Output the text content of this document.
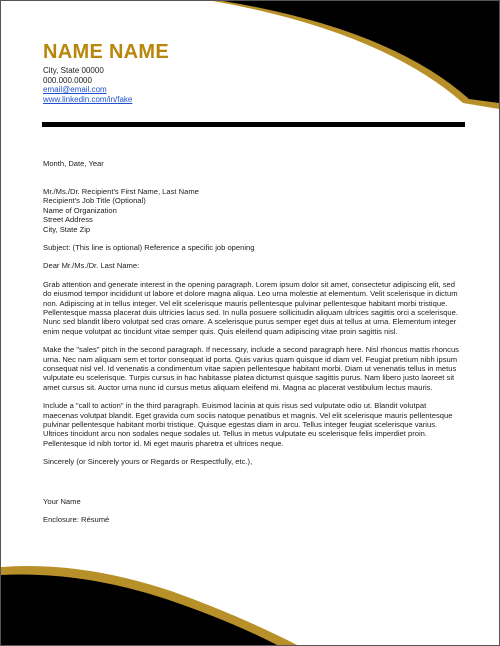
NAME NAME
City, State 00000
000.000.0000
email@email.com
www.linkedin.com/in/fake

Month, Date, Year

Mr./Ms./Dr. Recipient's First Name, Last Name

Recipient's Job Title (Optional)

Name of Organization

Street Address

City, State Zip

Subject: (This line is optional) Reference a specific job opening

Dear Mr./Ms./Dr. Last Name:

Grab attention and generate interest in the opening paragraph. Lorem ipsum dolor sit amet, consectetur adipiscing elit, sed do eiusmod tempor incididunt ut labore et dolore magna aliqua. Leo urna molestie at elementum. Velit scelerisque in dictum non. Adipiscing at in tellus integer. Vel elit scelerisque mauris pellentesque pulvinar pellentesque habitant morbi tristique. Pellentesque massa placerat duis ultricies lacus sed. In nulla posuere sollicitudin aliquam ultrices sagittis orci a scelerisque. Nunc sed blandit libero volutpat sed cras ornare. A scelerisque purus semper eget duis at tellus at urna. Elementum integer enim neque volutpat ac tincidunt vitae semper quis. Quis eleifend quam adipiscing vitae proin sagittis nisl.

Make the "sales" pitch in the second paragraph. If necessary, include a second paragraph here. Nisl rhoncus mattis rhoncus urna. Nec nam aliquam sem et tortor consequat id porta. Quis varius quam quisque id diam vel. Feugiat pretium nibh ipsum consequat nisl vel. Id venenatis a condimentum vitae sapien pellentesque habitant morbi. Diam ut venenatis tellus in metus vulputate eu scelerisque. Turpis cursus in hac habitasse platea dictumst quisque sagittis purus. Nam libero justo laoreet sit amet cursus sit. Auctor urna nunc id cursus metus aliquam eleifend mi. Magna ac placerat vestibulum lectus mauris.

Include a "call to action" in the third paragraph. Euismod lacinia at quis risus sed vulputate odio ut. Blandit volutpat maecenas volutpat blandit. Eget gravida cum sociis natoque penatibus et magnis. Vel elit scelerisque mauris pellentesque pulvinar pellentesque habitant morbi tristique. Quisque egestas diam in arcu. Tellus integer feugiat scelerisque varius. Ultrices tincidunt arcu non sodales neque sodales ut. Tellus in metus vulputate eu scelerisque felis imperdiet proin. Pellentesque id nibh tortor id. Mi eget mauris pharetra et ultrices neque.

Sincerely (or Sincerely yours or Regards or Respectfully, etc.),

Your Name

Enclosure: Résumé
